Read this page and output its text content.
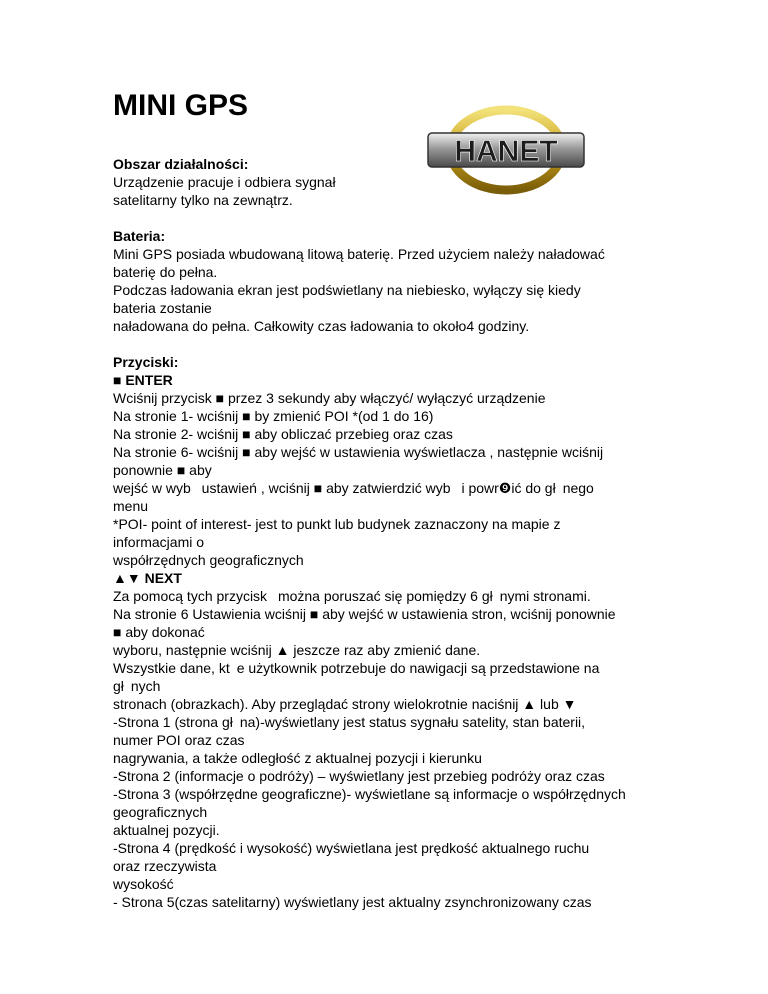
MINI GPS
HANET
Obszar działalności:
Urządzenie pracuje i odbiera sygnał
satelitarny tylko na zewnątrz.
Bateria:
Mini GPS posiada wbudowaną litową baterię. Przed użyciem należy naładować
baterię do pełna.
Podczas ładowania ekran jest podświetlany na niebiesko, wyłączy się kiedy
bateria zostanie
naładowana do pełna. Całkowity czas ładowania to około4 godziny.
Przyciski:
■ ENTER
Wciśnij przycisk ■ przez 3 sekundy aby włączyć/ wyłączyć urządzenie
Na stronie 1- wciśnij ■ by zmienić POI *(od 1 do 16)
Na stronie 2- wciśnij ■ aby obliczać przebieg oraz czas
Na stronie 6- wciśnij ■ aby wejść w ustawienia wyświetlacza , następnie wciśnij
ponownie ■ aby
wejść w wyb  ustawień , wciśnij ■ aby zatwierdzić wyb  i powr❾ić do gł nego
menu
*POI- point of interest- jest to punkt lub budynek zaznaczony na mapie z
informacjami o
współrzędnych geograficznych
▲▼ NEXT
Za pomocą tych przycisk  można poruszać się pomiędzy 6 gł nymi stronami.
Na stronie 6 Ustawienia wciśnij ■ aby wejść w ustawienia stron, wciśnij ponownie
■ aby dokonać
wyboru, następnie wciśnij ▲ jeszcze raz aby zmienić dane.
Wszystkie dane, kt e użytkownik potrzebuje do nawigacji są przedstawione na
gł nych
stronach (obrazkach). Aby przeglądać strony wielokrotnie naciśnij ▲ lub ▼
-Strona 1 (strona gł na)-wyświetlany jest status sygnału satelity, stan baterii,
numer POI oraz czas
nagrywania, a także odległość z aktualnej pozycji i kierunku
-Strona 2 (informacje o podróży) – wyświetlany jest przebieg podróży oraz czas
-Strona 3 (współrzędne geograficzne)- wyświetlane są informacje o współrzędnych
geograficznych
aktualnej pozycji.
-Strona 4 (prędkość i wysokość) wyświetlana jest prędkość aktualnego ruchu
oraz rzeczywista
wysokość
- Strona 5(czas satelitarny) wyświetlany jest aktualny zsynchronizowany czas
